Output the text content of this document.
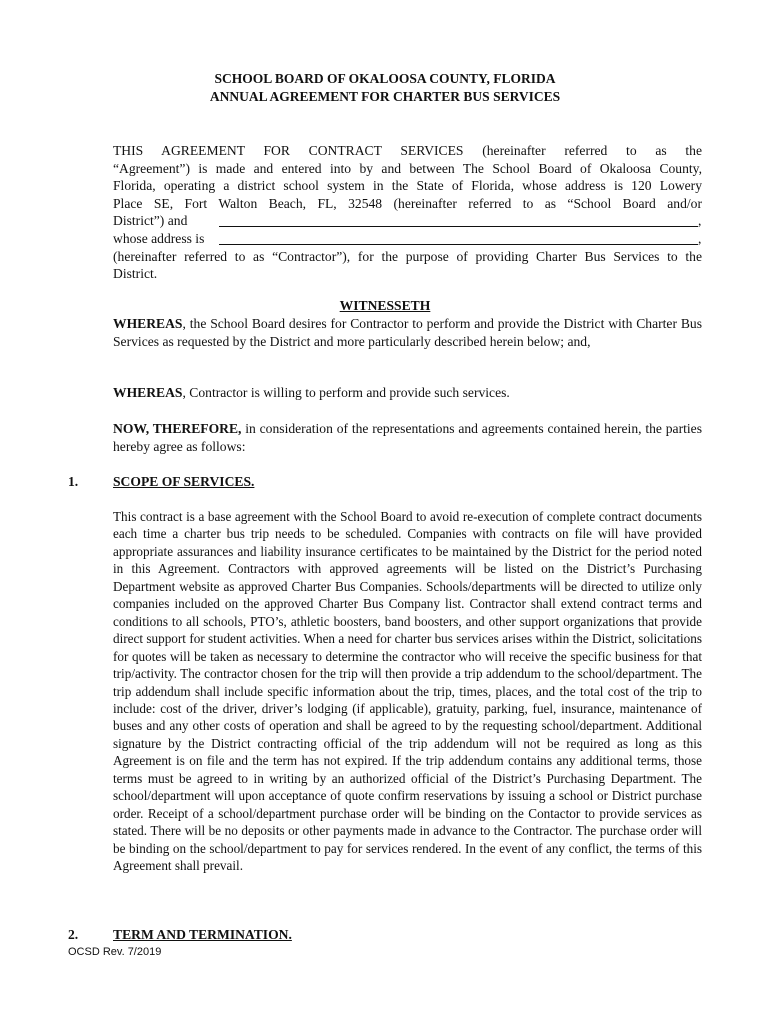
SCHOOL BOARD OF OKALOOSA COUNTY, FLORIDA
ANNUAL AGREEMENT FOR CHARTER BUS SERVICES
THIS AGREEMENT FOR CONTRACT SERVICES (hereinafter referred to as the
“Agreement”) is made and entered into by and between The School Board of Okaloosa County,
Florida, operating a district school system in the State of Florida, whose address is 120 Lowery
Place SE, Fort Walton Beach, FL, 32548 (hereinafter referred to as “School Board and/or
District”) and	,
whose address is	,
(hereinafter referred to as “Contractor”), for the purpose of providing Charter Bus Services to the
District.
WITNESSETH
WHEREAS, the School Board desires for Contractor to perform and provide the District with Charter Bus Services as requested by the District and more particularly described herein below; and,
WHEREAS, Contractor is willing to perform and provide such services.
NOW, THEREFORE, in consideration of the representations and agreements contained herein, the parties hereby agree as follows:
1.	SCOPE OF SERVICES.
This contract is a base agreement with the School Board to avoid re-execution of complete contract documents each time a charter bus trip needs to be scheduled. Companies with contracts on file will have provided appropriate assurances and liability insurance certificates to be maintained by the District for the period noted in this Agreement. Contractors with approved agreements will be listed on the District’s Purchasing Department website as approved Charter Bus Companies. Schools/departments will be directed to utilize only companies included on the approved Charter Bus Company list. Contractor shall extend contract terms and conditions to all schools, PTO’s, athletic boosters, band boosters, and other support organizations that provide direct support for student activities. When a need for charter bus services arises within the District, solicitations for quotes will be taken as necessary to determine the contractor who will receive the specific business for that trip/activity. The contractor chosen for the trip will then provide a trip addendum to the school/department. The trip addendum shall include specific information about the trip, times, places, and the total cost of the trip to include: cost of the driver, driver’s lodging (if applicable), gratuity, parking, fuel, insurance, maintenance of buses and any other costs of operation and shall be agreed to by the requesting school/department. Additional signature by the District contracting official of the trip addendum will not be required as long as this Agreement is on file and the term has not expired. If the trip addendum contains any additional terms, those terms must be agreed to in writing by an authorized official of the District’s Purchasing Department. The school/department will upon acceptance of quote confirm reservations by issuing a school or District purchase order. Receipt of a school/department purchase order will be binding on the Contactor to provide services as stated. There will be no deposits or other payments made in advance to the Contractor. The purchase order will be binding on the school/department to pay for services rendered. In the event of any conflict, the terms of this Agreement shall prevail.
2.	TERM AND TERMINATION.
OCSD Rev. 7/2019
